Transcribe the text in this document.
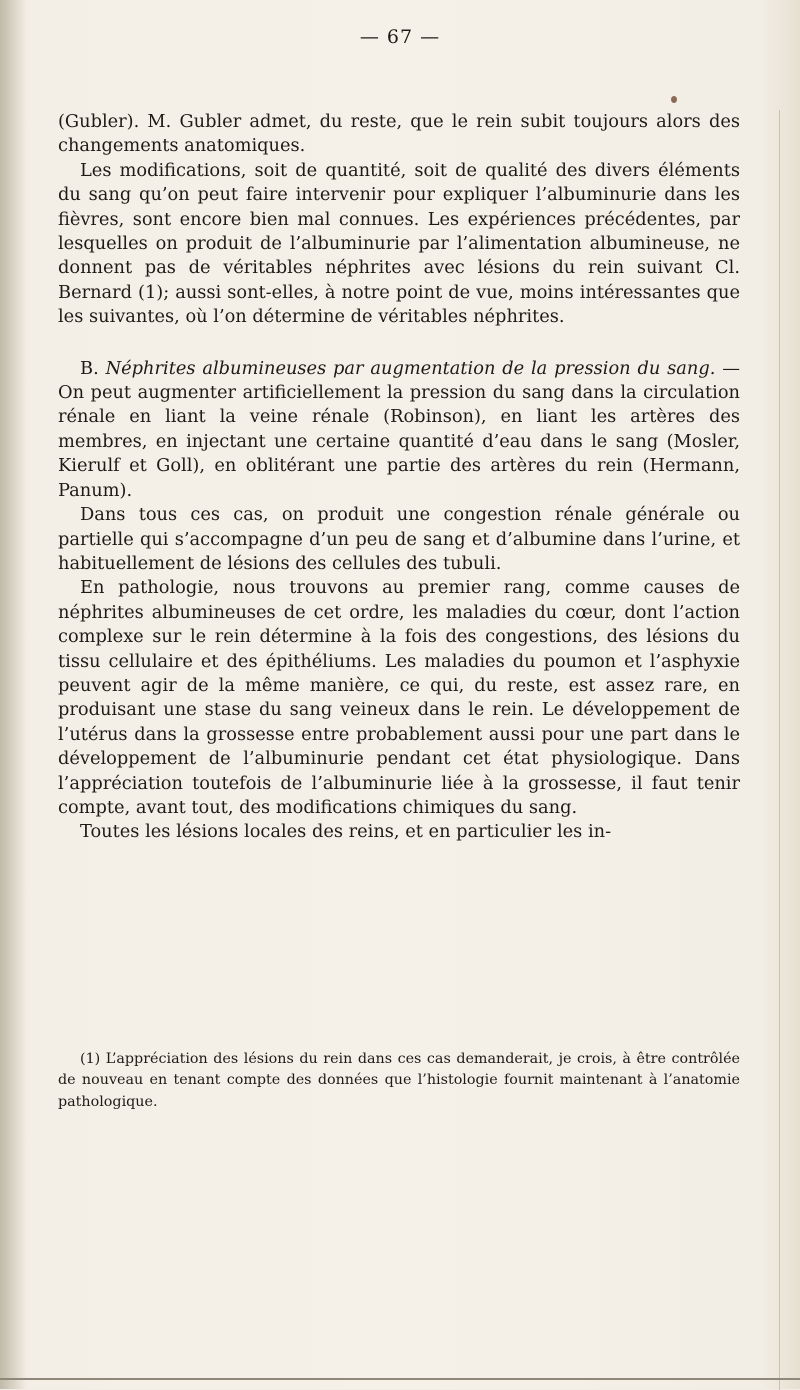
— 67 —

(Gubler). M. Gubler admet, du reste, que le rein subit toujours alors des changements anatomiques.

Les modifications, soit de quantité, soit de qualité des divers éléments du sang qu’on peut faire intervenir pour expliquer l’albuminurie dans les fièvres, sont encore bien mal connues. Les expériences précédentes, par lesquelles on produit de l’albuminurie par l’alimentation albumineuse, ne donnent pas de véritables néphrites avec lésions du rein suivant Cl. Bernard (1); aussi sont-elles, à notre point de vue, moins intéressantes que les suivantes, où l’on détermine de véritables néphrites.

B. Néphrites albumineuses par augmentation de la pression du sang. — On peut augmenter artificiellement la pression du sang dans la circulation rénale en liant la veine rénale (Robinson), en liant les artères des membres, en injectant une certaine quantité d’eau dans le sang (Mosler, Kierulf et Goll), en oblitérant une partie des artères du rein (Hermann, Panum).

Dans tous ces cas, on produit une congestion rénale générale ou partielle qui s’accompagne d’un peu de sang et d’albumine dans l’urine, et habituellement de lésions des cellules des tubuli.

En pathologie, nous trouvons au premier rang, comme causes de néphrites albumineuses de cet ordre, les maladies du cœur, dont l’action complexe sur le rein détermine à la fois des congestions, des lésions du tissu cellulaire et des épithéliums. Les maladies du poumon et l’asphyxie peuvent agir de la même manière, ce qui, du reste, est assez rare, en produisant une stase du sang veineux dans le rein. Le développement de l’utérus dans la grossesse entre probablement aussi pour une part dans le développement de l’albuminurie pendant cet état physiologique. Dans l’appréciation toutefois de l’albuminurie liée à la grossesse, il faut tenir compte, avant tout, des modifications chimiques du sang.

Toutes les lésions locales des reins, et en particulier les in-

(1) L’appréciation des lésions du rein dans ces cas demanderait, je crois, à être contrôlée de nouveau en tenant compte des données que l’histologie fournit maintenant à l’anatomie pathologique.
